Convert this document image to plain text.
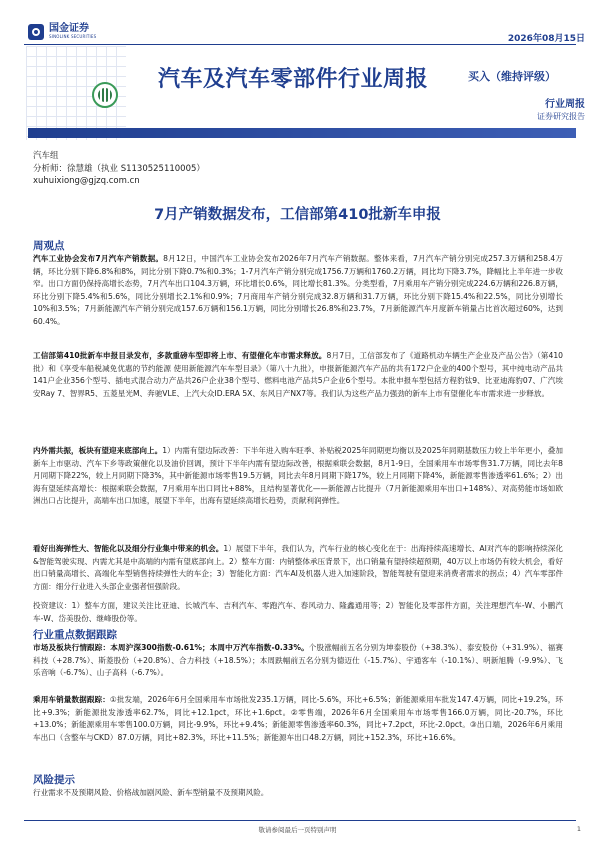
国金证券
SINOLINK SECURITIES	2026年08月15日
汽车及汽车零部件行业周报	买入（维持评级）
行业周报
证券研究报告
汽车组
分析师：徐慧雄（执业 S1130525110005）
xuhuixiong@gjzq.com.cn
7月产销数据发布，工信部第410批新车申报
周观点
汽车工业协会发布7月汽车产销数据。8月12日，中国汽车工业协会发布2026年7月汽车产销数据。整体来看，7月汽车产销分别完成257.3万辆和258.4万辆，环比分别下降6.8%和8%，同比分别下降0.7%和0.3%；1-7月汽车产销分别完成1756.7万辆和1760.2万辆，同比均下降3.7%，降幅比上半年进一步收窄。出口方面仍保持高增长态势，7月汽车出口104.3万辆，环比增长0.6%，同比增长81.3%。分类型看，7月乘用车产销分别完成224.6万辆和226.8万辆，环比分别下降5.4%和5.6%，同比分别增长2.1%和0.9%；7月商用车产销分别完成32.8万辆和31.7万辆，环比分别下降15.4%和22.5%，同比分别增长10%和3.5%；7月新能源汽车产销分别完成157.6万辆和156.1万辆，同比分别增长26.8%和23.7%，7月新能源汽车月度新车销量占比首次超过60%，达到60.4%。
工信部第410批新车申报目录发布，多款重磅车型即将上市、有望催化车市需求释放。8月7日，工信部发布了《道路机动车辆生产企业及产品公告》（第410批）和《享受车船税减免优惠的节约能源 使用新能源汽车车型目录》（第八十九批），申报新能源汽车产品的共有172户企业的400个型号，其中纯电动产品共141户企业356个型号、插电式混合动力产品共26户企业38个型号、燃料电池产品共5户企业6个型号。本批申报车型包括方程豹钛9、比亚迪海豹07、广汽埃安Ray 7、智界R5、五菱星光M、奔驰VLE、上汽大众ID.ERA 5X、东风日产NX7等。我们认为这些产品力强劲的新车上市有望催化车市需求进一步释放。
内外需共振，板块有望迎来底部向上。1）内需有望边际改善：下半年进入购车旺季、补贴税2025年同期更均衡以及2025年同期基数压力较上半年更小，叠加新车上市驱动、汽车下乡等政策催化以及油价回调，预计下半年内需有望边际改善，根据乘联会数据，8月1-9日，全国乘用车市场零售31.7万辆，同比去年8月同期下降22%，较上月同期下降3%，其中新能源市场零售19.5万辆，同比去年8月同期下降17%，较上月同期下降4%，新能源零售渗透率61.6%；2）出海有望延续高增长：根据乘联会数据，7月乘用车出口同比+88%，且结构显著优化——新能源占比提升（7月新能源乘用车出口+148%）、对高势能市场如欧洲出口占比提升，高端车出口加速，展望下半年，出海有望延续高增长趋势，贡献利润弹性。
看好出海弹性大、智能化以及细分行业集中带来的机会。1）展望下半年，我们认为，汽车行业的核心变化在于：出海持续高速增长、AI对汽车的影响持续深化&智能驾驶实现、内需尤其是中高端的内需有望底部向上。2）整车方面：内销整体承压背景下，出口销量有望持续超预期，40万以上市场仍有较大机会，看好出口销量高增长、高端化车型销售持续弹性大的车企；3）智能化方面：汽车AI及机器人进入加速阶段，智能驾驶有望迎来消费者需求的拐点；4）汽车零部件方面：细分行业进入头部企业强者恒强阶段。
投资建议：1）整车方面，建议关注比亚迪、长城汽车、吉利汽车、零跑汽车、春风动力、隆鑫通用等；2）智能化及零部件方面，关注理想汽车-W、小鹏汽车-W、岱美股份、继峰股份等。
行业重点数据跟踪
市场及板块行情跟踪：本周沪深300指数-0.61%；本周中万汽车指数-0.33%。个股涨幅前五名分别为坤泰股份（+38.3%）、泰安股份（+31.9%）、福赛科技（+28.7%）、斯菱股份（+20.8%）、合力科技（+18.5%）；本周跌幅前五名分别为德迈仕（-15.7%）、宇通客车（-10.1%）、明新旭腾（-9.9%）、飞乐音响（-6.7%）、山子高科（-6.7%）。
乘用车销量数据跟踪：①批发端，2026年6月全国乘用车市场批发235.1万辆，同比-5.6%，环比+6.5%；新能源乘用车批发147.4万辆，同比+19.2%，环比+9.3%；新能源批发渗透率62.7%，同比+12.1pct，环比+1.6pct。②零售端，2026年6月全国乘用车市场零售166.0万辆，同比-20.7%，环比+13.0%；新能源乘用车零售100.0万辆，同比-9.9%，环比+9.4%；新能源零售渗透率60.3%，同比+7.2pct，环比-2.0pct。③出口端，2026年6月乘用车出口（含整车与CKD）87.0万辆，同比+82.3%，环比+11.5%；新能源车出口48.2万辆，同比+152.3%，环比+16.6%。
风险提示
行业需求不及预期风险、价格战加剧风险、新车型销量不及预期风险。
敬请参阅最后一页特别声明	1
